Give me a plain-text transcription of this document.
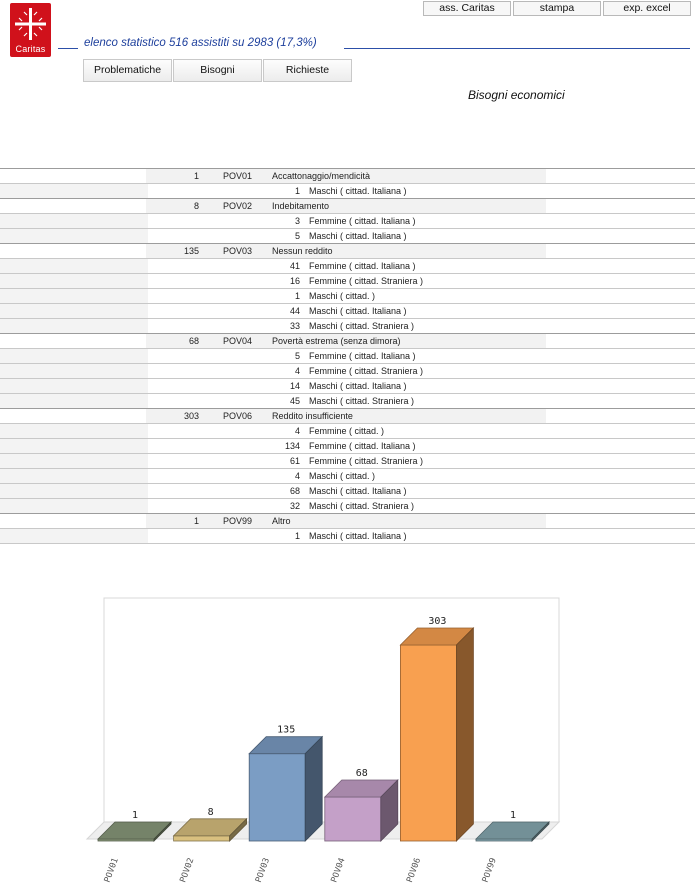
Caritas
ass. Caritas	stampa	exp. excel
elenco statistico 516 assistiti su 2983 (17,3%)
Problematiche	Bisogni	Richieste
Bisogni economici
1	POV01 Accattonaggio/mendicità
1 Maschi ( cittad. Italiana )
8	POV02 Indebitamento
3 Femmine ( cittad. Italiana )
5 Maschi ( cittad. Italiana )
135	POV03 Nessun reddito
41 Femmine ( cittad. Italiana )
16 Femmine ( cittad. Straniera )
1 Maschi ( cittad. )
44 Maschi ( cittad. Italiana )
33 Maschi ( cittad. Straniera )
68	POV04 Povertà estrema (senza dimora)
5 Femmine ( cittad. Italiana )
4 Femmine ( cittad. Straniera )
14 Maschi ( cittad. Italiana )
45 Maschi ( cittad. Straniera )
303	POV06 Reddito insufficiente
4 Femmine ( cittad. )
134 Femmine ( cittad. Italiana )
61 Femmine ( cittad. Straniera )
4 Maschi ( cittad. )
68 Maschi ( cittad. Italiana )
32 Maschi ( cittad. Straniera )
1	POV99 Altro
1 Maschi ( cittad. Italiana )
1
POV01
8
POV02
135
POV03
68
POV04
303
POV06
1
POV99
